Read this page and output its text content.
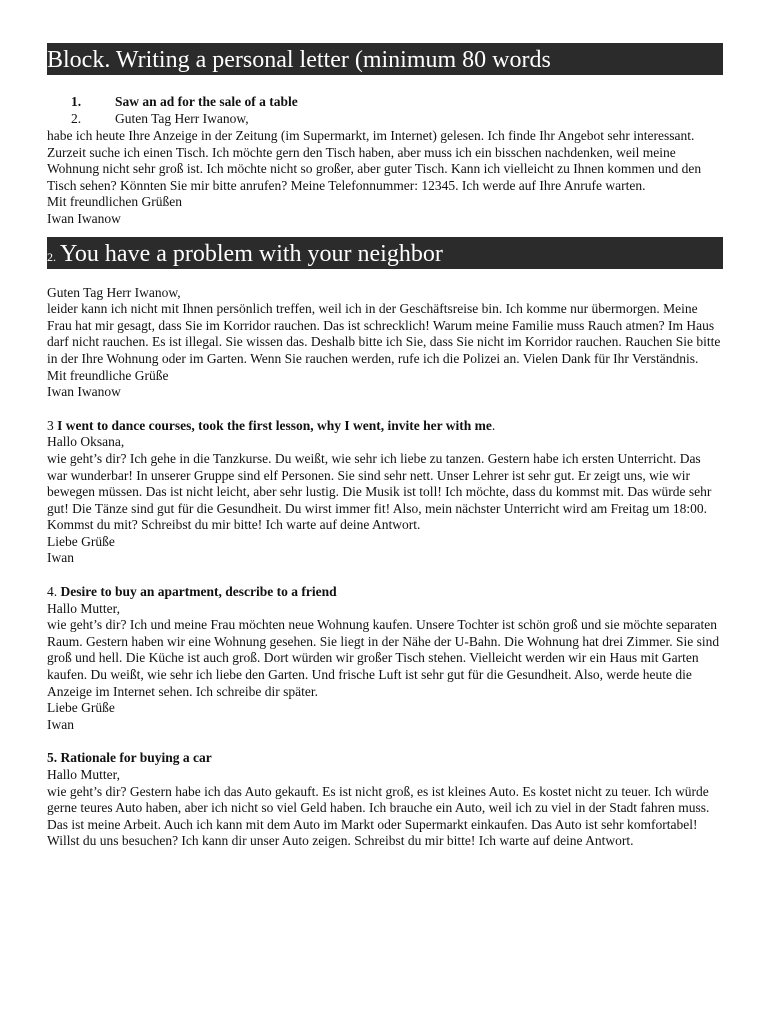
Block. Writing a personal letter (minimum 80 words
1.	Saw an ad for the sale of a table
2.	Guten Tag Herr Iwanow,

habe ich heute Ihre Anzeige in der Zeitung (im Supermarkt, im Internet) gelesen. Ich finde Ihr Angebot sehr interessant. Zurzeit suche ich einen Tisch. Ich möchte gern den Tisch haben, aber muss ich ein bisschen nachdenken, weil meine Wohnung nicht sehr groß ist. Ich möchte nicht so großer, aber guter Tisch. Kann ich vielleicht zu Ihnen kommen und den Tisch sehen? Könnten Sie mir bitte anrufen? Meine Telefonnummer: 12345. Ich werde auf Ihre Anrufe warten.

Mit freundlichen Grüßen

Iwan Iwanow

2. You have a problem with your neighbor

Guten Tag Herr Iwanow,

leider kann ich nicht mit Ihnen persönlich treffen, weil ich in der Geschäftsreise bin. Ich komme nur übermorgen. Meine Frau hat mir gesagt, dass Sie im Korridor rauchen. Das ist schrecklich! Warum meine Familie muss Rauch atmen? Im Haus darf nicht rauchen. Es ist illegal. Sie wissen das. Deshalb bitte ich Sie, dass Sie nicht im Korridor rauchen. Rauchen Sie bitte in der Ihre Wohnung oder im Garten. Wenn Sie rauchen werden, rufe ich die Polizei an. Vielen Dank für Ihr Verständnis.

Mit freundliche Grüße

Iwan Iwanow

3 I went to dance courses, took the first lesson, why I went, invite her with me.

Hallo Oksana,

wie geht’s dir? Ich gehe in die Tanzkurse. Du weißt, wie sehr ich liebe zu tanzen. Gestern habe ich ersten Unterricht. Das war wunderbar! In unserer Gruppe sind elf Personen. Sie sind sehr nett. Unser Lehrer ist sehr gut. Er zeigt uns, wie wir bewegen müssen. Das ist nicht leicht, aber sehr lustig. Die Musik ist toll! Ich möchte, dass du kommst mit. Das würde sehr gut! Die Tänze sind gut für die Gesundheit. Du wirst immer fit! Also, mein nächster Unterricht wird am Freitag um 18:00. Kommst du mit? Schreibst du mir bitte! Ich warte auf deine Antwort.

Liebe Grüße

Iwan

4. Desire to buy an apartment, describe to a friend

Hallo Mutter,

wie geht’s dir? Ich und meine Frau möchten neue Wohnung kaufen. Unsere Tochter ist schön groß und sie möchte separaten Raum. Gestern haben wir eine Wohnung gesehen. Sie liegt in der Nähe der U-Bahn. Die Wohnung hat drei Zimmer. Sie sind groß und hell. Die Küche ist auch groß. Dort würden wir großer Tisch stehen. Vielleicht werden wir ein Haus mit Garten kaufen. Du weißt, wie sehr ich liebe den Garten. Und frische Luft ist sehr gut für die Gesundheit. Also, werde heute die Anzeige im Internet sehen. Ich schreibe dir später.

Liebe Grüße

Iwan

5. Rationale for buying a car

Hallo Mutter,

wie geht’s dir? Gestern habe ich das Auto gekauft. Es ist nicht groß, es ist kleines Auto. Es kostet nicht zu teuer. Ich würde gerne teures Auto haben, aber ich nicht so viel Geld haben. Ich brauche ein Auto, weil ich zu viel in der Stadt fahren muss. Das ist meine Arbeit. Auch ich kann mit dem Auto im Markt oder Supermarkt einkaufen. Das Auto ist sehr komfortabel! Willst du uns besuchen? Ich kann dir unser Auto zeigen. Schreibst du mir bitte! Ich warte auf deine Antwort.
